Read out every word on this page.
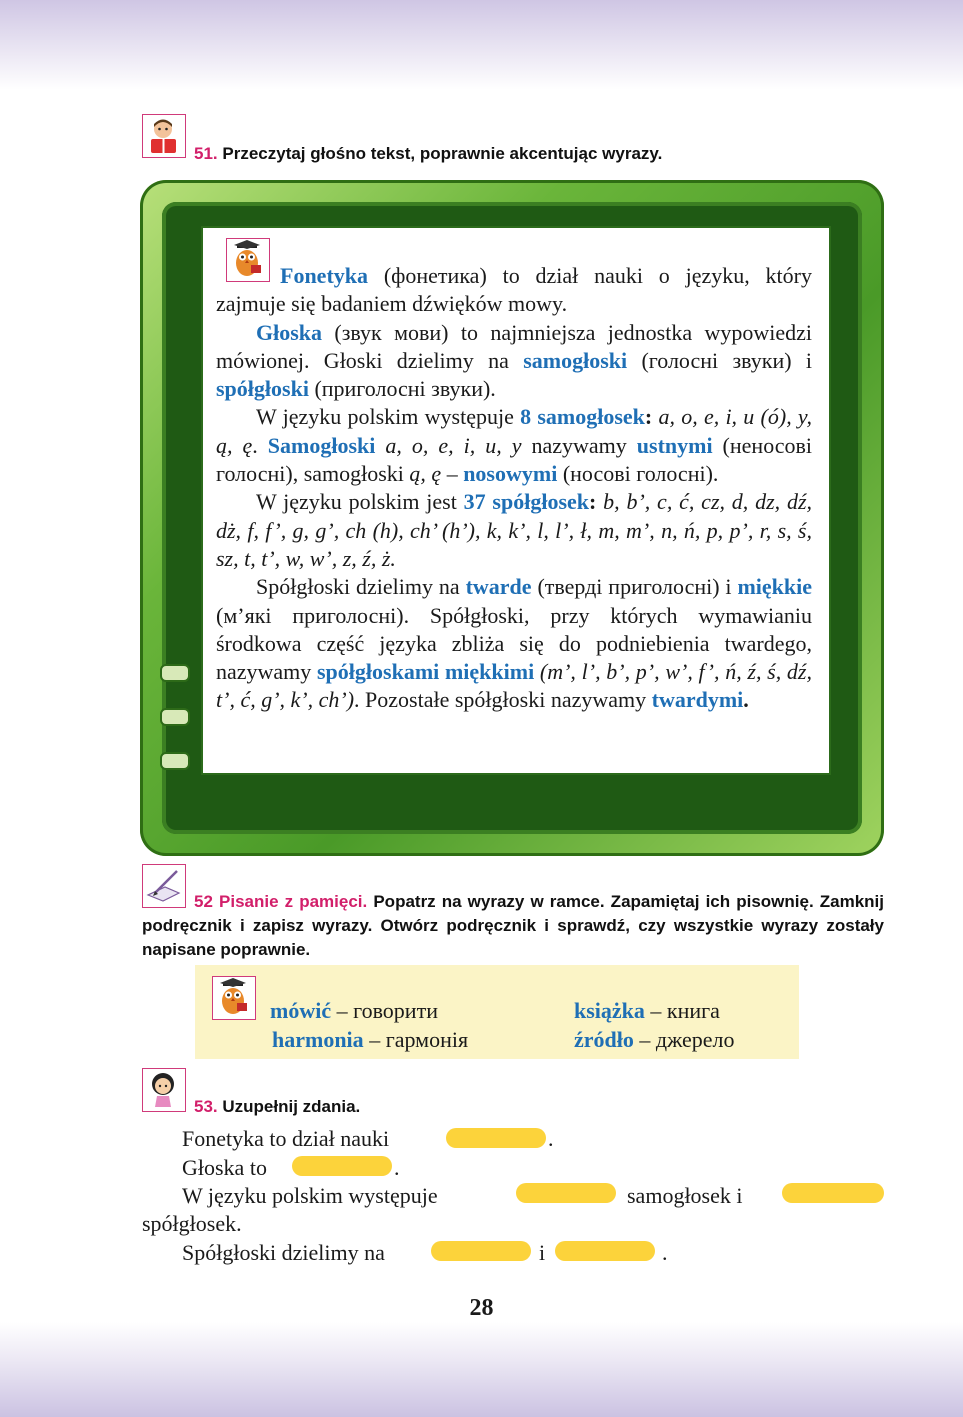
51. Przeczytaj głośno tekst, poprawnie akcentując wyrazy.

Fonetyka (фонетика) to dział nauki o języku, który zajmuje się badaniem dźwięków mowy.

Głoska (звук мови) to najmniejsza jednostka wypowiedzi mówionej. Głoski dzielimy na samogłoski (голосні звуки) i spółgłoski (приголосні звуки).

W języku polskim występuje 8 samogłosek: a, o, e, i, u (ó), y, ą, ę. Samogłoski a, o, e, i, u, y nazywamy ustnymi (неносові голосні), samogłoski ą, ę – nosowymi (носові голосні).

W języku polskim jest 37 spółgłosek: b, b’, c, ć, cz, d, dz, dź, dż, f, f’, g, g’, ch (h), ch’ (h’), k, k’, l, l’, ł, m, m’, n, ń, p, p’, r, s, ś, sz, t, t’, w, w’, z, ź, ż.

Spółgłoski dzielimy na twarde (тверді приголосні) i miękkie (м’які приголосні). Spółgłoski, przy których wymawianiu środkowa część języka zbliża się do podniebienia twardego, nazywamy spółgłoskami miękkimi (m’, l’, b’, p’, w’, f’, ń, ź, ś, dź, t’, ć, g’, k’, ch’). Pozostałe spółgłoski nazywamy twardymi.

52 Pisanie z pamięci. Popatrz na wyrazy w ramce. Zapamiętaj ich pisownię. Zamknij podręcznik i zapisz wyrazy. Otwórz podręcznik i sprawdź, czy wszystkie wyrazy zostały napisane poprawnie.
mówić – говорити	książka – книга
harmonia – гармонія	źródło – джерело
53. Uzupełnij zdania.
Fonetyka to dział nauki	.
Głoska to	.
W języku polskim występuje	samogłosek i
spółgłosek.
Spółgłoski dzielimy na	i	.
28
